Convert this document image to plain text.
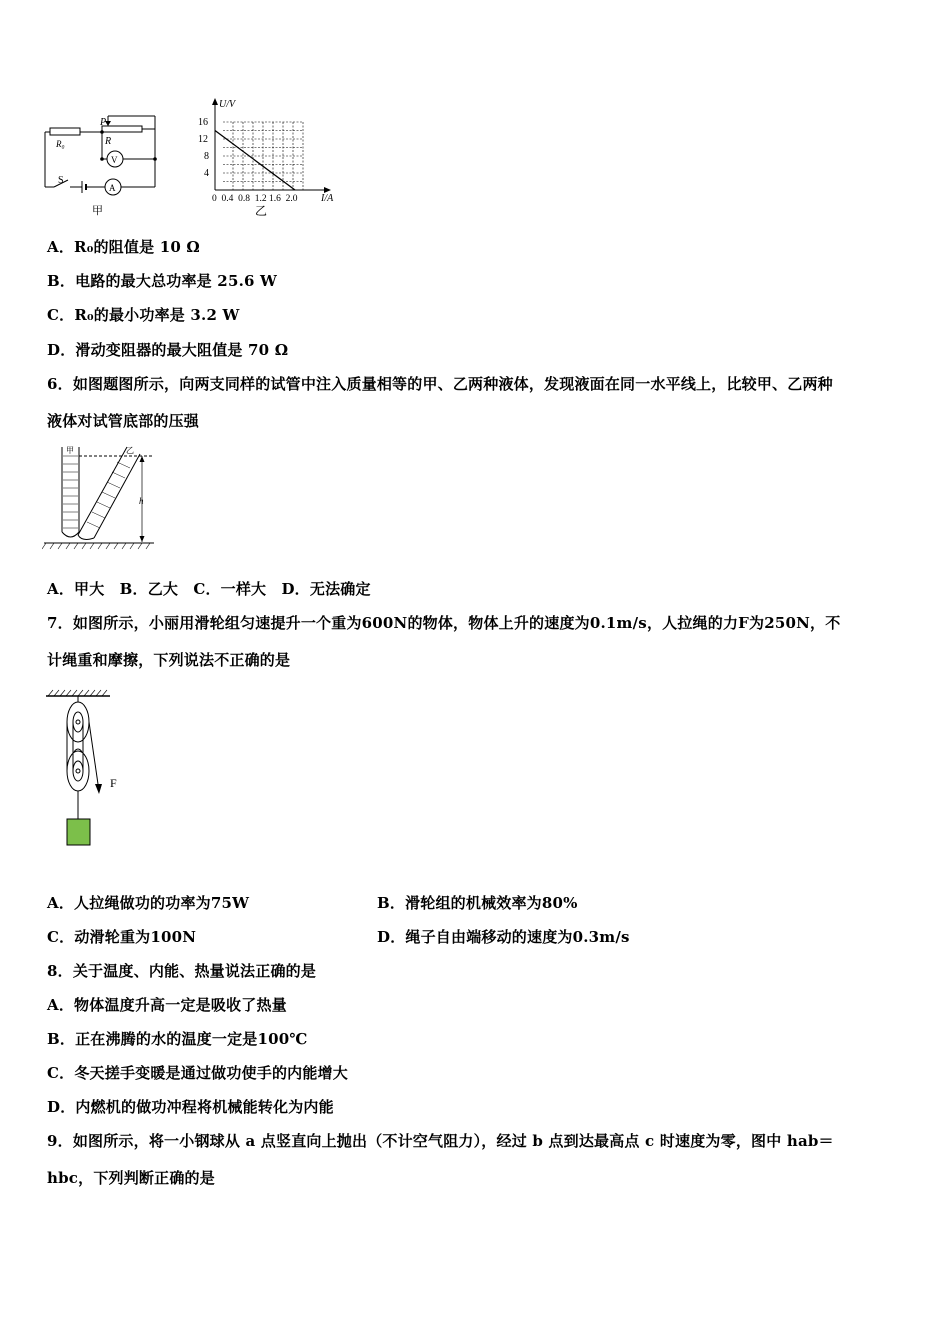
R₀
P
R
V
A
S
甲
U/V
I/A
16
12
8
4
0  0.4  0.8  1.2 1.6  2.0
乙
A．R₀的阻值是 10 Ω
B．电路的最大总功率是 25.6 W
C．R₀的最小功率是 3.2 W
D．滑动变阻器的最大阻值是 70 Ω
6．如图题图所示，向两支同样的试管中注入质量相等的甲、乙两种液体，发现液面在同一水平线上，比较甲、乙两种
液体对试管底部的压强
甲	乙
h
A．甲大　B．乙大　C．一样大　D．无法确定
7．如图所示，小丽用滑轮组匀速提升一个重为600N的物体，物体上升的速度为0.1m/s，人拉绳的力F为250N，不
计绳重和摩擦，下列说法不正确的是
F
A．人拉绳做功的功率为75W	B．滑轮组的机械效率为80%
C．动滑轮重为100N	D．绳子自由端移动的速度为0.3m/s
8．关于温度、内能、热量说法正确的是
A．物体温度升高一定是吸收了热量
B．正在沸腾的水的温度一定是100℃
C．冬天搓手变暖是通过做功使手的内能增大
D．内燃机的做功冲程将机械能转化为内能
9．如图所示，将一小钢球从 a 点竖直向上抛出（不计空气阻力），经过 b 点到达最高点 c 时速度为零，图中 hab＝
hbc，下列判断正确的是
